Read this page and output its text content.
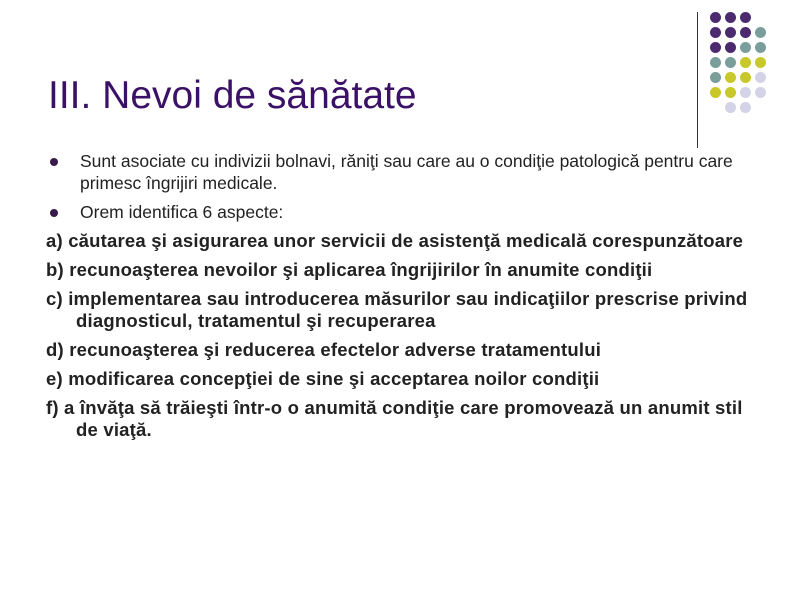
III. Nevoi de sănătate
Sunt asociate cu indivizii bolnavi, răniţi sau care au o condiţie patologică pentru care primesc îngrijiri medicale.
Orem identifica 6 aspecte:
a) căutarea şi asigurarea unor servicii de asistenţă medicală corespunzătoare
b) recunoaşterea nevoilor şi aplicarea îngrijirilor în anumite condiţii
c) implementarea sau introducerea măsurilor sau indicaţiilor prescrise privind diagnosticul, tratamentul şi recuperarea
d) recunoaşterea şi reducerea efectelor adverse tratamentului
e) modificarea concepţiei de sine şi acceptarea noilor condiţii
f) a învăţa să trăieşti într-o o anumită condiţie care promovează un anumit stil de viaţă.
